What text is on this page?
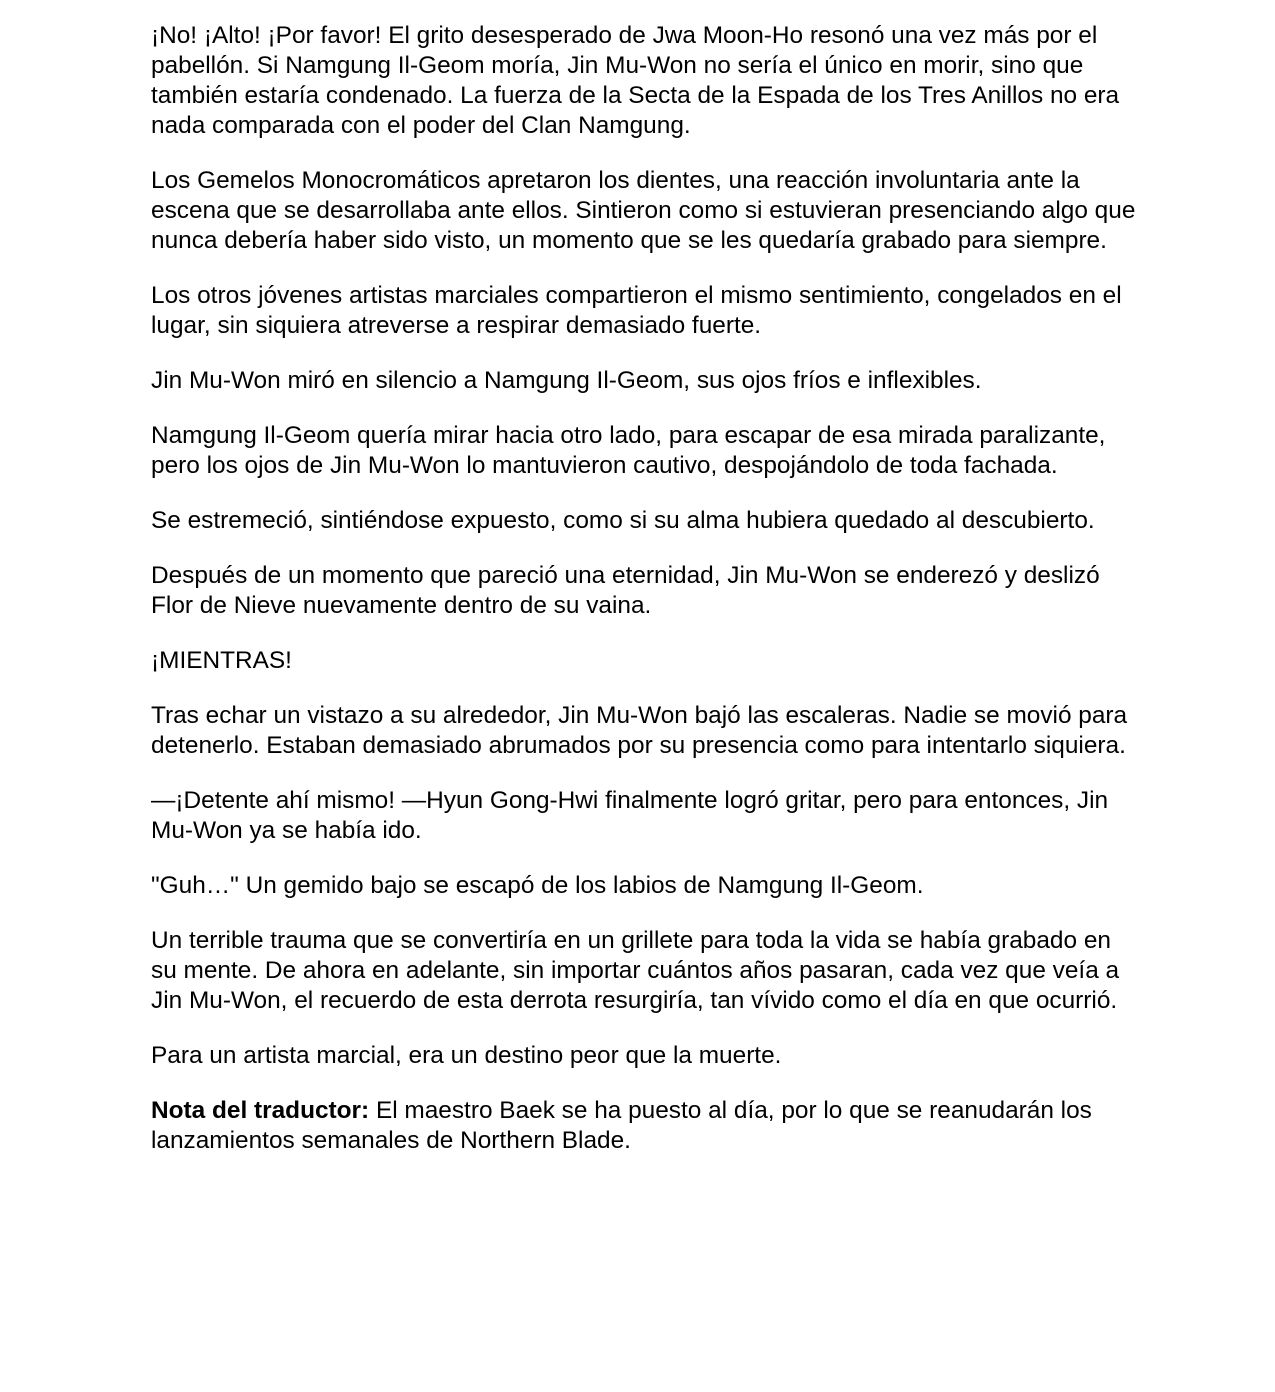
¡No! ¡Alto! ¡Por favor! El grito desesperado de Jwa Moon-Ho resonó una vez más por el pabellón. Si Namgung Il-Geom moría, Jin Mu-Won no sería el único en morir, sino que también estaría condenado. La fuerza de la Secta de la Espada de los Tres Anillos no era nada comparada con el poder del Clan Namgung.

Los Gemelos Monocromáticos apretaron los dientes, una reacción involuntaria ante la escena que se desarrollaba ante ellos. Sintieron como si estuvieran presenciando algo que nunca debería haber sido visto, un momento que se les quedaría grabado para siempre.

Los otros jóvenes artistas marciales compartieron el mismo sentimiento, congelados en el lugar, sin siquiera atreverse a respirar demasiado fuerte.

Jin Mu-Won miró en silencio a Namgung Il-Geom, sus ojos fríos e inflexibles.

Namgung Il-Geom quería mirar hacia otro lado, para escapar de esa mirada paralizante, pero los ojos de Jin Mu-Won lo mantuvieron cautivo, despojándolo de toda fachada.

Se estremeció, sintiéndose expuesto, como si su alma hubiera quedado al descubierto.

Después de un momento que pareció una eternidad, Jin Mu-Won se enderezó y deslizó Flor de Nieve nuevamente dentro de su vaina.

¡MIENTRAS!

Tras echar un vistazo a su alrededor, Jin Mu-Won bajó las escaleras. Nadie se movió para detenerlo. Estaban demasiado abrumados por su presencia como para intentarlo siquiera.

—¡Detente ahí mismo! —Hyun Gong-Hwi finalmente logró gritar, pero para entonces, Jin Mu-Won ya se había ido.

"Guh…" Un gemido bajo se escapó de los labios de Namgung Il-Geom.

Un terrible trauma que se convertiría en un grillete para toda la vida se había grabado en su mente. De ahora en adelante, sin importar cuántos años pasaran, cada vez que veía a Jin Mu-Won, el recuerdo de esta derrota resurgiría, tan vívido como el día en que ocurrió.

Para un artista marcial, era un destino peor que la muerte.

Nota del traductor: El maestro Baek se ha puesto al día, por lo que se reanudarán los lanzamientos semanales de Northern Blade.
